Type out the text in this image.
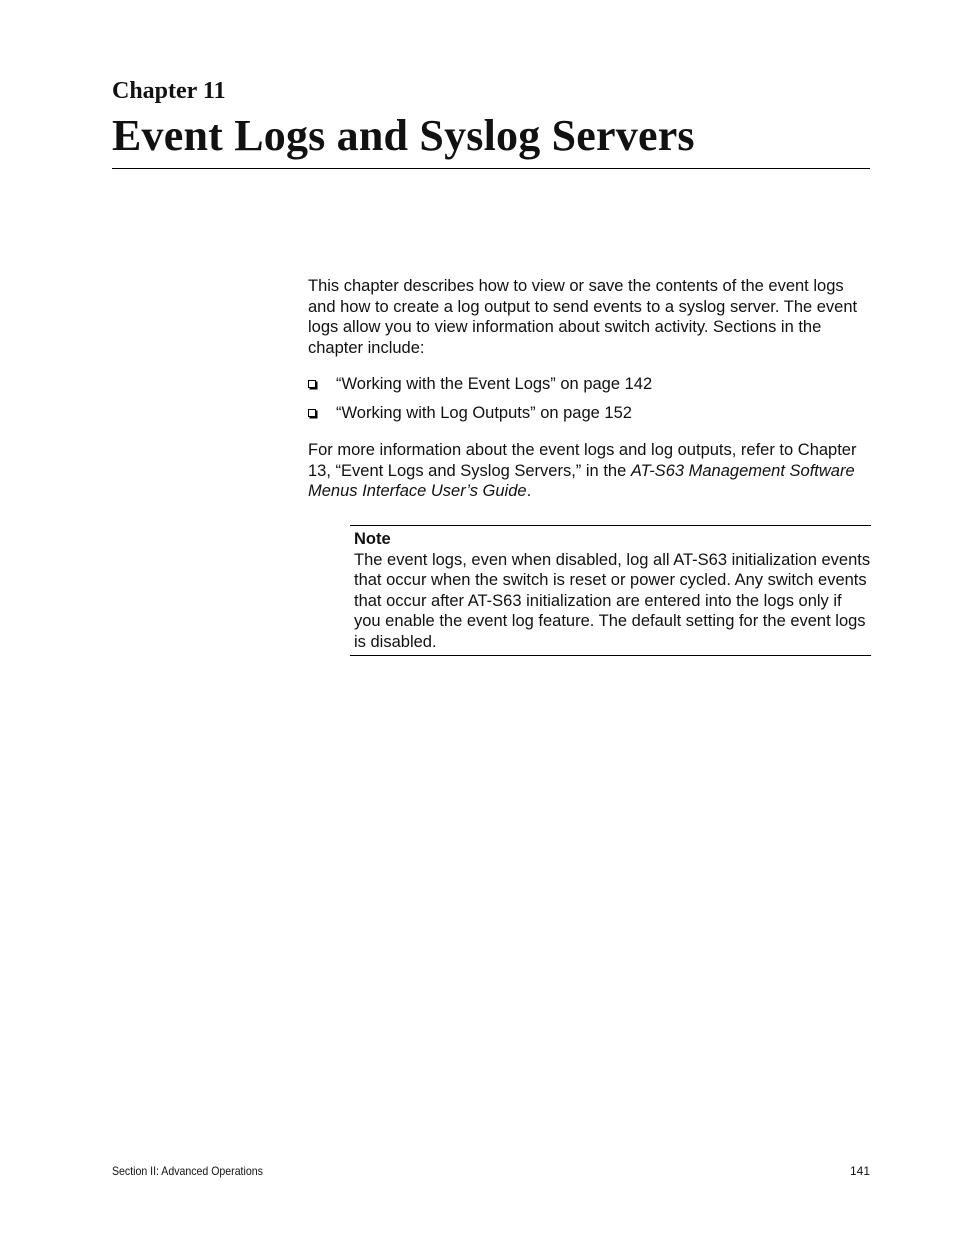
Chapter 11
Event Logs and Syslog Servers

This chapter describes how to view or save the contents of the event logs and how to create a log output to send events to a syslog server. The event logs allow you to view information about switch activity. Sections in the chapter include:

“Working with the Event Logs” on page 142
“Working with Log Outputs” on page 152

For more information about the event logs and log outputs, refer to Chapter 13, “Event Logs and Syslog Servers,” in the AT-S63 Management Software Menus Interface User’s Guide.

Note

The event logs, even when disabled, log all AT-S63 initialization events that occur when the switch is reset or power cycled. Any switch events that occur after AT-S63 initialization are entered into the logs only if you enable the event log feature. The default setting for the event logs is disabled.

Section II: Advanced Operations	141
